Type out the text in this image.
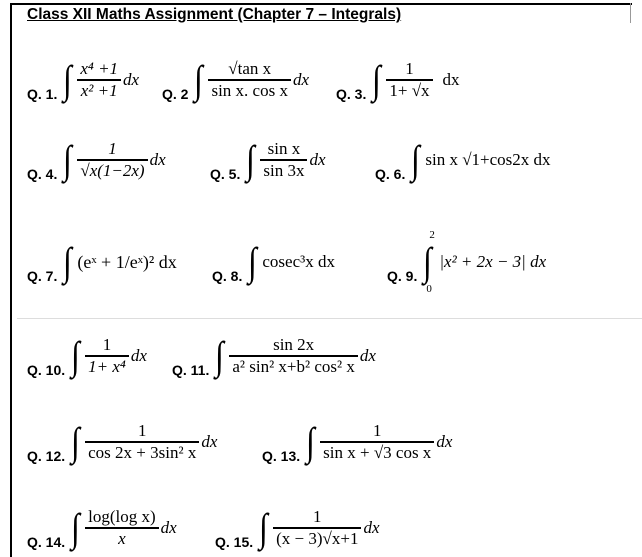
Class XII Maths Assignment (Chapter 7 – Integrals)
Q. 1. ∫ $\frac{\text{x⁴ +1}}{\text{x² +1}}$ dx
Q. 2 ∫ $\frac{\text{√tan x}}{\text{sin x. cos x}}$ dx
Q. 3. ∫ $\frac{1}{1+ √x}$ dx
Q. 4. ∫ $\frac{1}{√x(1-2x)}$ dx
Q. 5. ∫ $\frac{\text{sin x}}{\sin 3x}$ dx
Q. 6. ∫ sin x √1+cos2x dx
Q. 7. ∫ (eˣ + 1/eˣ)² dx
Q. 8. ∫ cosec³x dx
Q. 9.
2
∫
0
|x² + 2x − 3| dx
Q. 10. ∫ $\frac{1}{\text{1+ x⁴}}$ dx
Q. 11. ∫ $\frac{\sin 2x}{\text{a² sin² x+b² cos² x}}$ dx
Q. 12. ∫ $\frac{1}{\text{cos 2x + 3sin² x}}$ dx
Q. 13. ∫ $\frac{1}{\text{sin x + √3 cos x}}$ dx
Q. 14. ∫ $\frac{\text{log(log x)}}{x}$ dx
Q. 15. ∫ $\frac{1}{(x - 3)√x+1}$ dx
